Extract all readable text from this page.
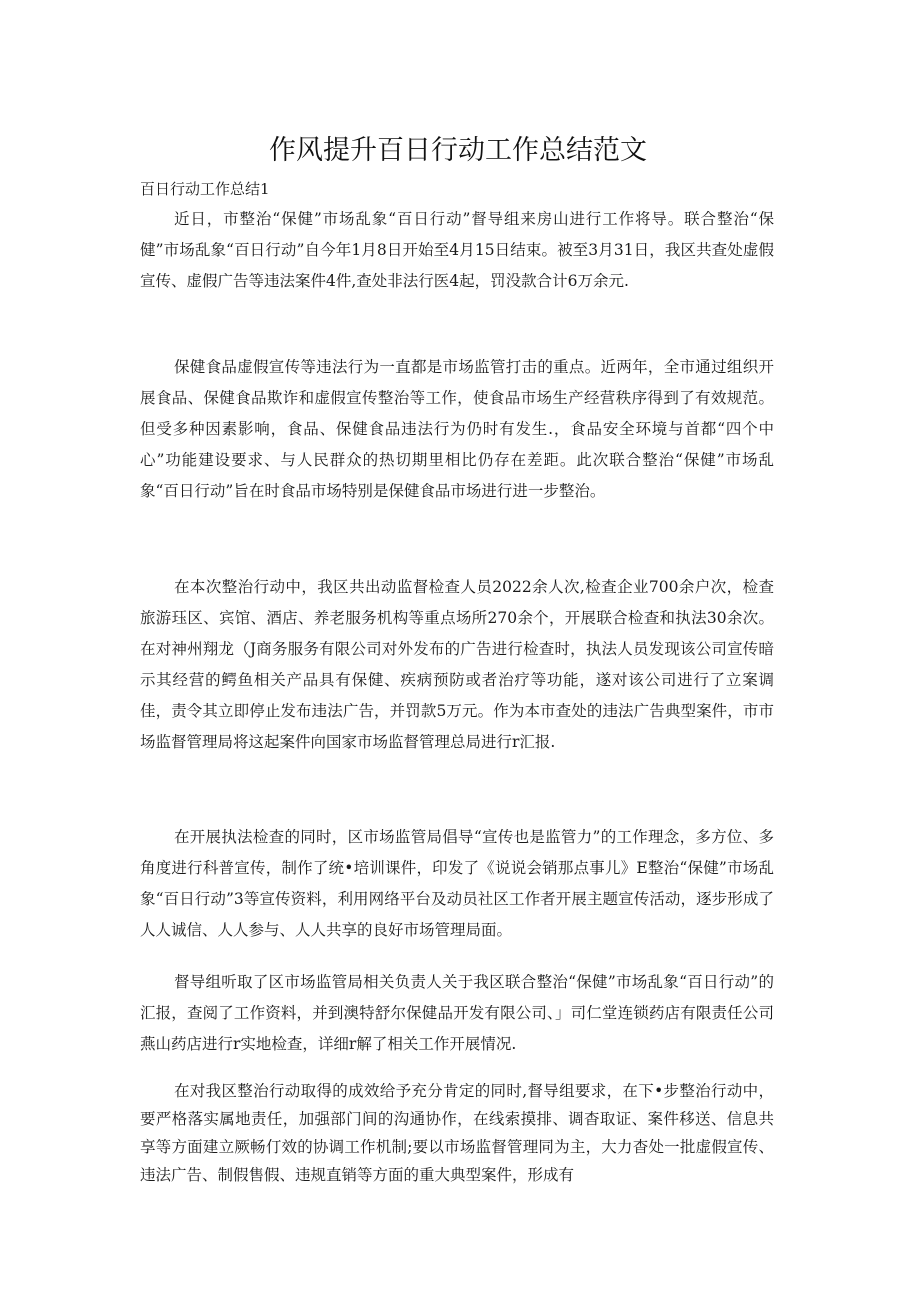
作风提升百日行动工作总结范文
百日行动工作总结1

近日，市整治“保健”市场乱象“百日行动”督导组来房山进行工作将导。联合整治“保健”市场乱象“百日行动”自今年1月8日开始至4月15日结束。被至3月31日，我区共查处虚假宣传、虚假广告等违法案件4件,查处非法行医4起，罚没款合计6万余元.

保健食品虚假宣传等违法行为一直都是市场监管打击的重点。近两年，全市通过组织开展食品、保健食品欺诈和虚假宣传整治等工作，使食品市场生产经营秩序得到了有效规范。但受多种因素影响，食品、保健食品违法行为仍时有发生.，食品安全环境与首都“四个中心”功能建设要求、与人民群众的热切期里相比仍存在差距。此次联合整治“保健”市场乱象“百日行动”旨在时食品市场特别是保健食品市场进行进一步整治。

在本次整治行动中，我区共出动监督检查人员2022余人次,检查企业700余户次，检查旅游珏区、宾馆、酒店、养老服务机构等重点场所270余个，开展联合检查和执法30余次。在对神州翔龙（J商务服务有限公司对外发布的广告进行检查时，执法人员发现该公司宣传暗示其经营的鳄鱼相关产品具有保健、疾病预防或者治疗等功能，遂对该公司进行了立案调佳，责令其立即停止发布违法广告，并罚款5万元。作为本市查处的违法广告典型案件，市市场监督管理局将这起案件向国家市场监督管理总局进行r汇报.

在开展执法检查的同时，区市场监管局倡导“宣传也是监管力”的工作理念，多方位、多角度进行科普宣传，制作了统•培训课件，印发了《说说会销那点事儿》E整治“保健”市场乱象“百日行动”3等宣传资料，利用网络平台及动员社区工作者开展主题宣传活动，逐步形成了人人诚信、人人参与、人人共享的良好市场管理局面。

督导组听取了区市场监管局相关负责人关于我区联合整治“保健”市场乱象“百日行动”的汇报，查阅了工作资料，并到澳特舒尔保健品开发有限公司、」司仁堂连锁药店有限责任公司燕山药店进行r实地检查，详细r解了相关工作开展情况.

在对我区整治行动取得的成效给予充分肯定的同时,督导组要求，在下•步整治行动中，要严格落实属地责任，加强部门间的沟通协作，在线索摸排、调杳取证、案件移送、信息共享等方面建立厥畅仃效的协调工作机制;要以市场监督管理同为主，大力杳处一批虚假宣传、违法广告、制假售假、违规直销等方面的重大典型案件，形成有
